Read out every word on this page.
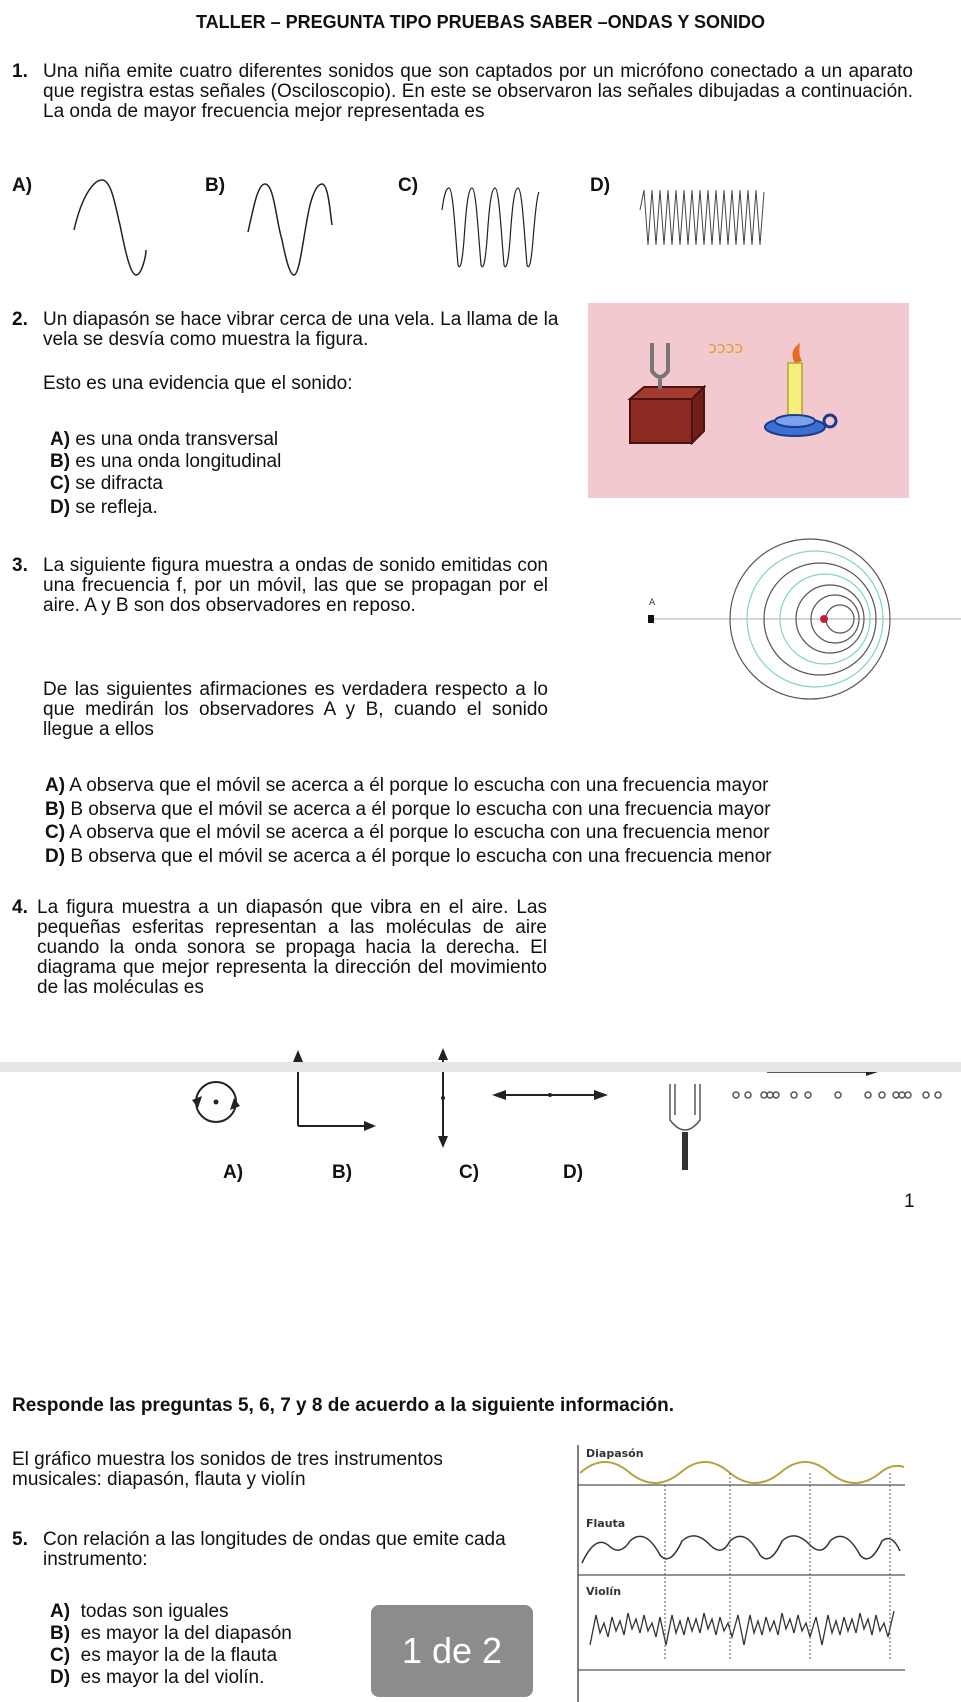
TALLER – PREGUNTA TIPO PRUEBAS SABER –ONDAS Y SONIDO
1. Una niña emite cuatro diferentes sonidos que son captados por un micrófono conectado a un aparato que registra estas señales (Osciloscopio). En este se observaron las señales dibujadas a continuación. La onda de mayor frecuencia mejor representada es
A)	B)	C)	D)
2. Un diapasón se hace vibrar cerca de una vela. La llama de la vela se desvía como muestra la figura.
Esto es una evidencia que el sonido:
A) es una onda transversal
B) es una onda longitudinal
C) se difracta
D) se refleja.
ↄↄↄↄ
3. La siguiente figura muestra a ondas de sonido emitidas con una frecuencia f, por un móvil, las que se propagan por el aire. A y B son dos observadores en reposo.
De las siguientes afirmaciones es verdadera respecto a lo que medirán los observadores A y B, cuando el sonido llegue a ellos
A
A) A observa que el móvil se acerca a él porque lo escucha con una frecuencia mayor
B) B observa que el móvil se acerca a él porque lo escucha con una frecuencia mayor
C) A observa que el móvil se acerca a él porque lo escucha con una frecuencia menor
D) B observa que el móvil se acerca a él porque lo escucha con una frecuencia menor
4. La figura muestra a un diapasón que vibra en el aire. Las pequeñas esferitas representan a las moléculas de aire cuando la onda sonora se propaga hacia la derecha. El diagrama que mejor representa la dirección del movimiento de las moléculas es
A)	B)	C)	D)
1
Responde las preguntas 5, 6, 7 y 8 de acuerdo a la siguiente información.
El gráfico muestra los sonidos de tres instrumentos musicales: diapasón, flauta y violín
Diapasón
Flauta
Violín
5. Con relación a las longitudes de ondas que emite cada instrumento:
A) todas son iguales
B) es mayor la del diapasón
C) es mayor la de la flauta
D) es mayor la del violín.
1 de 2
